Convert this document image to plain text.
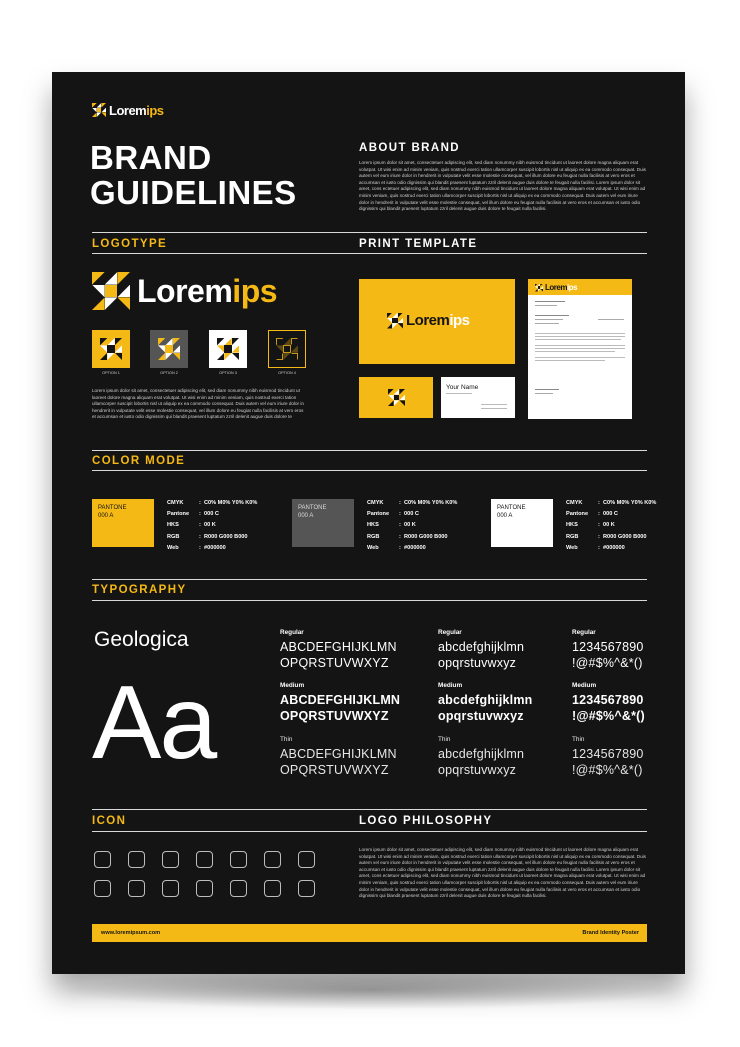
Loremips
BRAND
GUIDELINES
ABOUT BRAND
Lorem ipsum dolor sit amet, consectetuer adipiscing elit, sed diam nonummy nibh euismod tincidunt ut laoreet dolore magna aliquam erat volutpat. Ut wisi enim ad minim veniam, quis nostrud exerci tation ullamcorper suscipit lobortis nisl ut aliquip ex ea commodo consequat. Duis autem vel eum iriure dolor in hendrerit in vulputate velit esse molestie consequat, vel illum dolore eu feugiat nulla facilisis at vero eros et accumsan et iusto odio dignissim qui blandit praesent luptatum zzril delenit augue duis dolore te feugait nulla facilisi. Lorem ipsum dolor sit amet, cons ectetuer adipiscing elit, sed diam nonummy nibh euismod tincidunt ut laoreet dolore magna aliquam erat volutpat. Ut wisi enim ad minim veniam, quis nostrud exerci tation ullamcorper suscipit lobortis nisl ut aliquip ex ea commodo consequat. Duis autem vel eum iriure dolor in hendrerit in vulputate velit esse molestie consequat, vel illum dolore eu feugiat nulla facilisis at vero eros et accumsan et iusto odio dignissim qui blandit praesent luptatum zzril delenit augue duis dolore te feugait nulla facilisi.
LOGOTYPE	PRINT TEMPLATE
Loremips
OPTION 1	OPTION 2	OPTION 3	OPTION 4
Lorem ipsum dolor sit amet, consectetuer adipiscing elit, sed diam nonummy nibh euismod tincidunt ut laoreet dolore magna aliquam erat volutpat. Ut wisi enim ad minim veniam, quis nostrud exerci tation ullamcorper suscipit lobortis nisl ut aliquip ex ea commodo consequat. Duis autem vel eum iriure dolor in hendrerit in vulputate velit esse molestie consequat, vel illum dolore eu feugiat nulla facilisis at vero eros et accumsan et iusto odio dignissim qui blandit praesent luptatum zzril delenit augue duis dolore te
Loremips
Your Name
Loremips
COLOR MODE
PANTONE
000 A
CMYK	:  C0% M0% Y0% K0%
Pantone :  000 C
HKS	:  00 K
RGB	:  R000 G000 B000
Web	:  #000000
PANTONE
000 A
CMYK	:  C0% M0% Y0% K0%
Pantone :  000 C
HKS	:  00 K
RGB	:  R000 G000 B000
Web	:  #000000
PANTONE
000 A
CMYK	:  C0% M0% Y0% K0%
Pantone :  000 C
HKS	:  00 K
RGB	:  R000 G000 B000
Web	:  #000000
TYPOGRAPHY
Geologica
Aa
Regular
ABCDEFGHIJKLMN
OPQRSTUVWXYZ
Regular
abcdefghijklmn
opqrstuvwxyz
Regular
1234567890
!@#$%^&*()
Medium
ABCDEFGHIJKLMN
OPQRSTUVWXYZ
Medium
abcdefghijklmn
opqrstuvwxyz
Medium
1234567890
!@#$%^&*()
Thin
ABCDEFGHIJKLMN
OPQRSTUVWXYZ
Thin
abcdefghijklmn
opqrstuvwxyz
Thin
1234567890
!@#$%^&*()
ICON	LOGO PHILOSOPHY
Lorem ipsum dolor sit amet, consectetuer adipiscing elit, sed diam nonummy nibh euismod tincidunt ut laoreet dolore magna aliquam erat volutpat. Ut wisi enim ad minim veniam, quis nostrud exerci tation ullamcorper suscipit lobortis nisl ut aliquip ex ea commodo consequat. Duis autem vel eum iriure dolor in hendrerit in vulputate velit esse molestie consequat, vel illum dolore eu feugiat nulla facilisis at vero eros et accumsan et iusto odio dignissim qui blandit praesent luptatum zzril delenit augue duis dolore te feugait nulla facilisi. Lorem ipsum dolor sit amet, cons ectetuer adipiscing elit, sed diam nonummy nibh euismod tincidunt ut laoreet dolore magna aliquam erat volutpat. Ut wisi enim ad minim veniam, quis nostrud exerci tation ullamcorper suscipit lobortis nisl ut aliquip ex ea commodo consequat. Duis autem vel eum iriure dolor in hendrerit in vulputate velit esse molestie consequat, vel illum dolore eu feugiat nulla facilisis at vero eros et accumsan et iusto odio dignissim qui blandit praesent luptatum zzril delenit augue duis dolore te feugait nulla facilisi.
www.loremipsum.com	Brand Identity Poster
